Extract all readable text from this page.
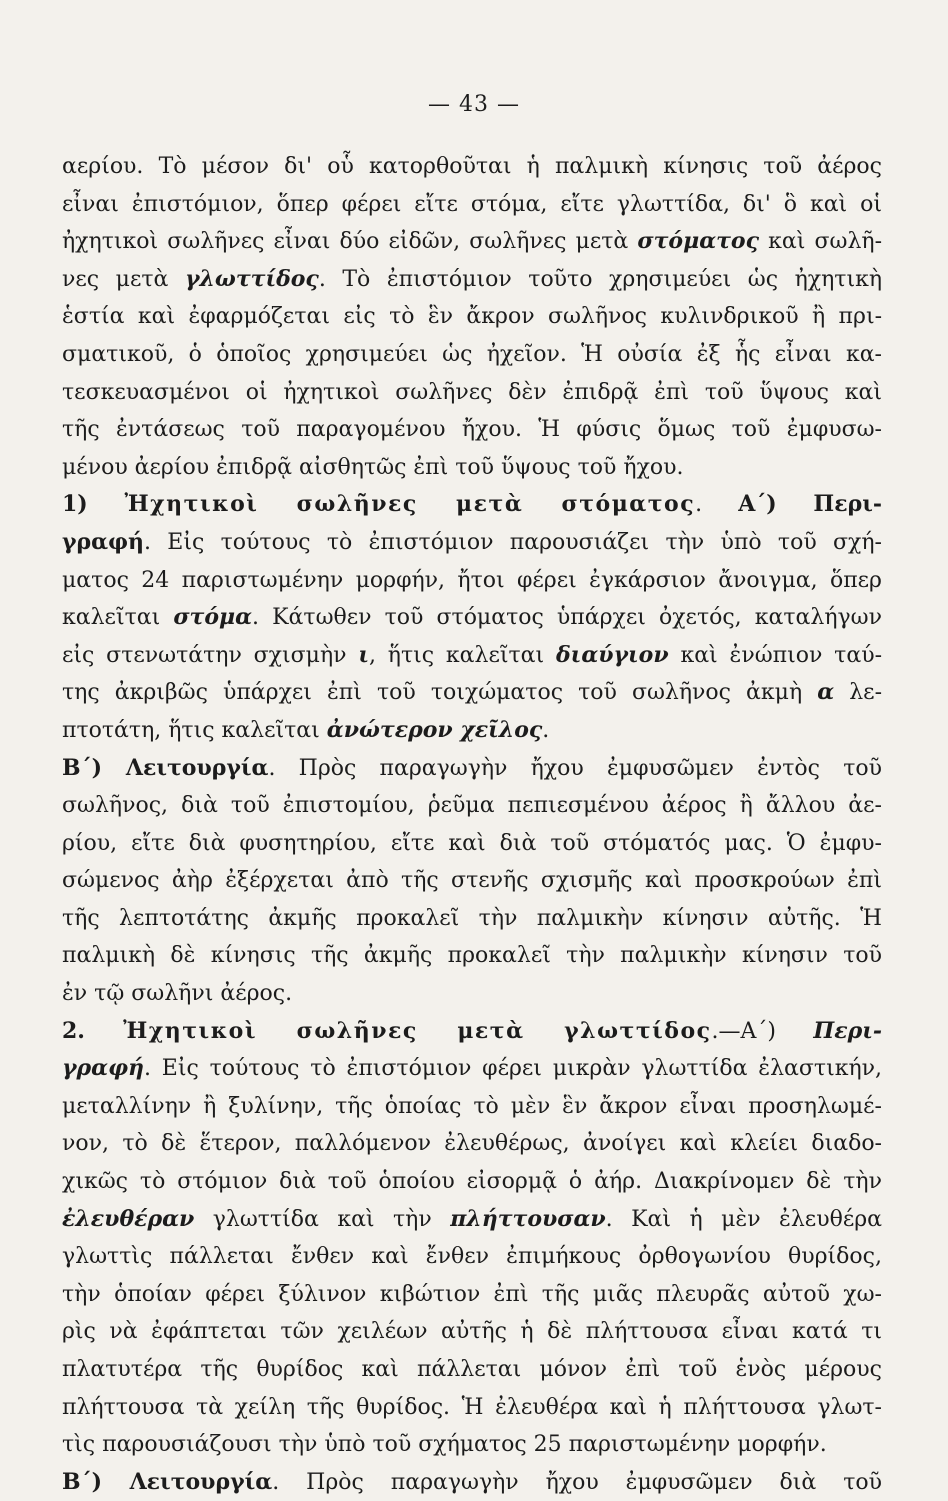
— 43 —
αερίου. Τὸ μέσον δι' οὗ κατορθοῦται ἡ παλμικὴ κίνησις τοῦ ἀέρος
εἶναι ἐπιστόμιον, ὅπερ φέρει εἴτε στόμα, εἴτε γλωττίδα, δι' ὃ καὶ οἱ
ἠχητικοὶ σωλῆνες εἶναι δύο εἰδῶν, σωλῆνες μετὰ στόματος καὶ σωλῆ-
νες μετὰ γλωττίδος. Τὸ ἐπιστόμιον τοῦτο χρησιμεύει ὡς ἠχητικὴ
ἑστία καὶ ἐφαρμόζεται εἰς τὸ ἓν ἄκρον σωλῆνος κυλινδρικοῦ ἢ πρι-
σματικοῦ, ὁ ὁποῖος χρησιμεύει ὡς ἠχεῖον. Ἡ οὐσία ἐξ ἧς εἶναι κα-
τεσκευασμένοι οἱ ἠχητικοὶ σωλῆνες δὲν ἐπιδρᾷ ἐπὶ τοῦ ὕψους καὶ
τῆς ἐντάσεως τοῦ παραγομένου ἤχου. Ἡ φύσις ὅμως τοῦ ἐμφυσω-
μένου ἀερίου ἐπιδρᾷ αἰσθητῶς ἐπὶ τοῦ ὕψους τοῦ ἤχου.
1) Ἠχητικοὶ σωλῆνες μετὰ στόματος. Α΄) Περι-
γραφή. Εἰς τούτους τὸ ἐπιστόμιον παρουσιάζει τὴν ὑπὸ τοῦ σχή-
ματος 24 παριστωμένην μορφήν, ἤτοι φέρει ἐγκάρσιον ἄνοιγμα, ὅπερ
καλεῖται στόμα. Κάτωθεν τοῦ στόματος ὑπάρχει ὀχετός, καταλήγων
εἰς στενωτάτην σχισμὴν ι, ἥτις καλεῖται διαύγιον καὶ ἐνώπιον ταύ-
της ἀκριβῶς ὑπάρχει ἐπὶ τοῦ τοιχώματος τοῦ σωλῆνος ἀκμὴ α λε-
πτοτάτη, ἥτις καλεῖται ἀνώτερον χεῖλος.
Β΄) Λειτουργία. Πρὸς παραγωγὴν ἤχου ἐμφυσῶμεν ἐντὸς τοῦ
σωλῆνος, διὰ τοῦ ἐπιστομίου, ῥεῦμα πεπιεσμένου ἀέρος ἢ ἄλλου ἀε-
ρίου, εἴτε διὰ φυσητηρίου, εἴτε καὶ διὰ τοῦ στόματός μας. Ὁ ἐμφυ-
σώμενος ἀὴρ ἐξέρχεται ἀπὸ τῆς στενῆς σχισμῆς καὶ προσκρούων ἐπὶ
τῆς λεπτοτάτης ἀκμῆς προκαλεῖ τὴν παλμικὴν κίνησιν αὐτῆς. Ἡ
παλμικὴ δὲ κίνησις τῆς ἀκμῆς προκαλεῖ τὴν παλμικὴν κίνησιν τοῦ
ἐν τῷ σωλῆνι ἀέρος.
2. Ἠχητικοὶ σωλῆνες μετὰ γλωττίδος.—Α΄) Περι-
γραφή. Εἰς τούτους τὸ ἐπιστόμιον φέρει μικρὰν γλωττίδα ἐλαστικήν,
μεταλλίνην ἢ ξυλίνην, τῆς ὁποίας τὸ μὲν ἓν ἄκρον εἶναι προσηλωμέ-
νον, τὸ δὲ ἕτερον, παλλόμενον ἐλευθέρως, ἀνοίγει καὶ κλείει διαδο-
χικῶς τὸ στόμιον διὰ τοῦ ὁποίου εἰσορμᾷ ὁ ἀήρ. Διακρίνομεν δὲ τὴν
ἐλευθέραν γλωττίδα καὶ τὴν πλήττουσαν. Καὶ ἡ μὲν ἐλευθέρα
γλωττὶς πάλλεται ἔνθεν καὶ ἔνθεν ἐπιμήκους ὀρθογωνίου θυρίδος,
τὴν ὁποίαν φέρει ξύλινον κιβώτιον ἐπὶ τῆς μιᾶς πλευρᾶς αὐτοῦ χω-
ρὶς νὰ ἐφάπτεται τῶν χειλέων αὐτῆς ἡ δὲ πλήττουσα εἶναι κατά τι
πλατυτέρα τῆς θυρίδος καὶ πάλλεται μόνον ἐπὶ τοῦ ἑνὸς μέρους
πλήττουσα τὰ χείλη τῆς θυρίδος. Ἡ ἐλευθέρα καὶ ἡ πλήττουσα γλωτ-
τὶς παρουσιάζουσι τὴν ὑπὸ τοῦ σχήματος 25 παριστωμένην μορφήν.
Β΄) Λειτουργία. Πρὸς παραγωγὴν ἤχου ἐμφυσῶμεν διὰ τοῦ
